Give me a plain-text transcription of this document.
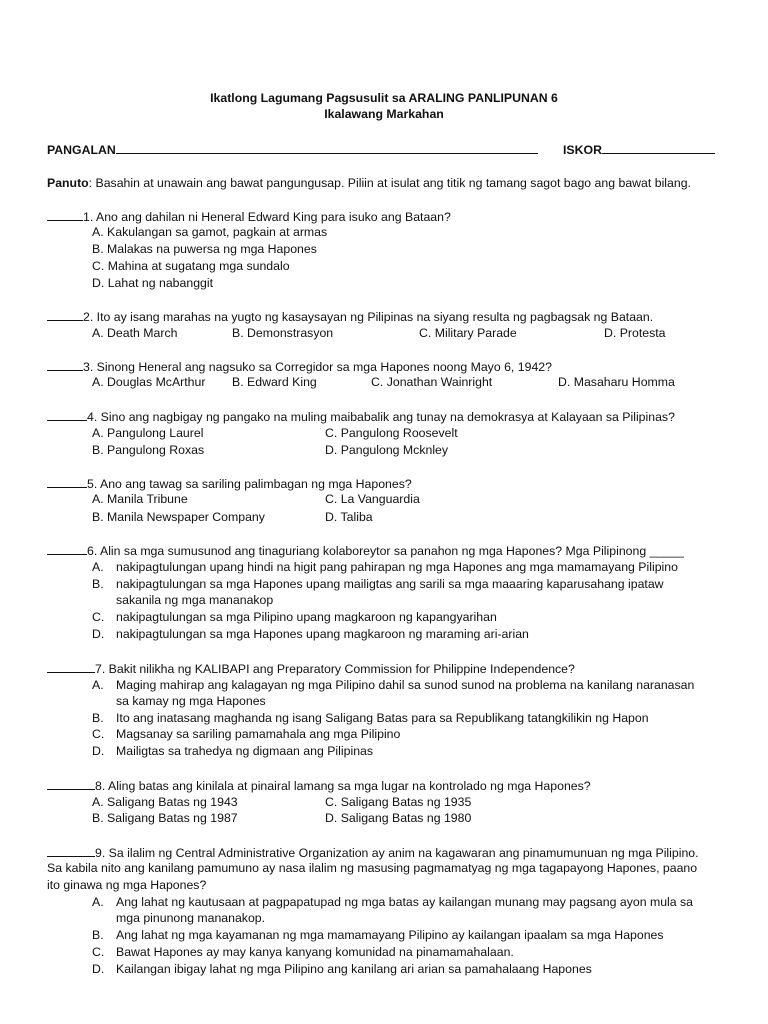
Ikatlong Lagumang Pagsusulit sa ARALING PANLIPUNAN 6
Ikalawang Markahan
PANGALAN	ISKOR
Panuto: Basahin at unawain ang bawat pangungusap. Piliin at isulat ang titik ng tamang sagot bago ang bawat bilang.
1. Ano ang dahilan ni Heneral Edward King para isuko ang Bataan?
A. Kakulangan sa gamot, pagkain at armas
B. Malakas na puwersa ng mga Hapones
C. Mahina at sugatang mga sundalo
D. Lahat ng nabanggit
2. Ito ay isang marahas na yugto ng kasaysayan ng Pilipinas na siyang resulta ng pagbagsak ng Bataan.
A. Death March	B. Demonstrasyon	C. Military Parade	D. Protesta
3. Sinong Heneral ang nagsuko sa Corregidor sa mga Hapones noong Mayo 6, 1942?
A. Douglas McArthur B. Edward King	C. Jonathan Wainright	D. Masaharu Homma
4. Sino ang nagbigay ng pangako na muling maibabalik ang tunay na demokrasya at Kalayaan sa Pilipinas?
A. Pangulong Laurel	C. Pangulong Roosevelt
B. Pangulong Roxas	D. Pangulong Mcknley
5. Ano ang tawag sa sariling palimbagan ng mga Hapones?
A. Manila Tribune	C. La Vanguardia
B. Manila Newspaper Company	D. Taliba
6. Alin sa mga sumusunod ang tinaguriang kolaboreytor sa panahon ng mga Hapones? Mga Pilipinong _____
A. nakipagtulungan upang hindi na higit pang pahirapan ng mga Hapones ang mga mamamayang Pilipino
B. nakipagtulungan sa mga Hapones upang mailigtas ang sarili sa mga maaaring kaparusahang ipataw
sakanila ng mga mananakop
C. nakipagtulungan sa mga Pilipino upang magkaroon ng kapangyarihan
D. nakipagtulungan sa mga Hapones upang magkaroon ng maraming ari-arian
7. Bakit nilikha ng KALIBAPI ang Preparatory Commission for Philippine Independence?
A. Maging mahirap ang kalagayan ng mga Pilipino dahil sa sunod sunod na problema na kanilang naranasan
sa kamay ng mga Hapones
B. Ito ang inatasang maghanda ng isang Saligang Batas para sa Republikang tatangkilikin ng Hapon
C. Magsanay sa sariling pamamahala ang mga Pilipino
D. Mailigtas sa trahedya ng digmaan ang Pilipinas
8. Aling batas ang kinilala at pinairal lamang sa mga lugar na kontrolado ng mga Hapones?
A. Saligang Batas ng 1943	C. Saligang Batas ng 1935
B. Saligang Batas ng 1987	D. Saligang Batas ng 1980
9. Sa ilalim ng Central Administrative Organization ay anim na kagawaran ang pinamumunuan ng mga Pilipino.
Sa kabila nito ang kanilang pamumuno ay nasa ilalim ng masusing pagmamatyag ng mga tagapayong Hapones, paano
ito ginawa ng mga Hapones?
A. Ang lahat ng kautusaan at pagpapatupad ng mga batas ay kailangan munang may pagsang ayon mula sa
mga pinunong mananakop.
B. Ang lahat ng mga kayamanan ng mga mamamayang Pilipino ay kailangan ipaalam sa mga Hapones
C. Bawat Hapones ay may kanya kanyang komunidad na pinamamahalaan.
D. Kailangan ibigay lahat ng mga Pilipino ang kanilang ari arian sa pamahalaang Hapones
